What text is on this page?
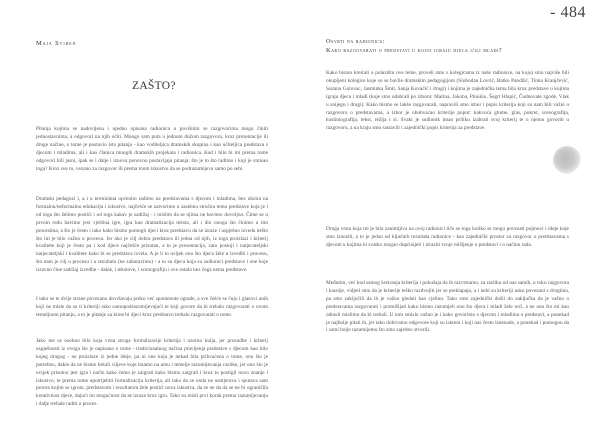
- 484
Maja Sviben
ZAŠTO?

Pitanja kojima se nadovljena i ujedno opisana radionica u povišnim se razgovorima mogu činiti jednostavnima, a odgovori na njih očiti. Mnogo sam puta u jednom dužom razgovoru, kroz prezentacije ili druge načine, o tome je postavio ista pitanja - kao voditeljica dramskih skupina i kao učiteljica predstava s djecom i mladima, ali i kao članica mnogih dramskih projekata i radionica. Kad i bilo bi mi prema tome odgovori bili jasni, ipak se i dalje i iznova ponovno postavljaju pitanja: što je to što radimo i koji je smisao toga? Kroz sve to, vezano za razgovor ili prema mom iskustvu da se podrazumijeva samo po sebi.

Dramski pedagozi i, a i u terminima općenito radimo na predstavama s djecom i mladima, bez obzira na formalnu/neformalnu edukaciju i iskustvo, najčešće se zatvorimo u zasebnu stručnu temu predstave koja je i od toga što želimo postići i od toga kakav je sadržaj - i mislim da se njima ne bavimo dovoljno. Čime se u prvom redu bavimo jest vještina igre, igra kao dramatizacija teksta, ali i dio onoga što činimo u tim procesima, a što je često i tako kako bismo pomogli djeci kroz predstavu da se izraze i uspješno izvedu nešto što im je bilo važno u procesu. Jer ako je cilj dobra predstava ili jedna od njih, iz toga proizlazi i kriterij kvalitete koji je često pa i kod djece najčešće prisutan, a to je prezentacija, zato postoji i natjecateljski natjecateljski i kvalitete kako bi se predstava izvela. A je li to uvijek ono što djeca žele u izvedbi i procesu, što nam je cilj u procesu i u rezultatu (ne zaboravimo) - a to su djeca koja su sudionici predstave i one koje izravno čine sadržaj izvedbe - dakle, i tekstove, i scenografiju i sve ostalo bez čega nema predstave.

I tako se te dvije strane povezano dovršavaju preko već spomenute ograde, a sve češće se čuju i glasovi onih koji ne misle da su ti kriteriji tako samopodrazumijevajući te koji govore da bi trebalo razgovarati o ovom temeljnom pitanju, a to je pitanje za kime bi djeci kroz predstavu trebalo razgovarati o tome.

Jako me se osobno bilo koja vrsta stroge formalizacije kriterija i uzorno kulja, jer prosudbe i kriterij uspješnosti iz ovoga što je napisano o tome - tradicionalnog načina pravljenja predstave s djecom kao bilo kojeg drugog - ne proizlaze iz jedne ideje, pa ni one koja je nekad bila prihvaćena o tome, ono što je potrebno, dakle da ne bismo brkali ciljeve koje imamo na umu i temelje razumijevanja razlike, jer ono što je uvijek prisutno jest igra i način kako ćemo je zaigrati kako bismo zaigrali i kroz to postigli novo znanje i iskustvo, te prema tome upotrijebiti formalizaciju kriterija, ali tako da se onda ne usmjerava i sputava sam proces kojim se igrom, predstavom i rezultatom žele postići nova iskustva, da se ne da da se ne bi ograničila kreativnost djece, dajući im mogućnost da se izraze kroz igru. Tako su misli prvi korak prema razumijevanju i dalje trebale raditi u proces.

Osvrti na radionicu:
Kako razgovarati o predstavi u kojoj igraju djeca i/ili mladi?

Kako bismo kreirali o polazištu ove teme, proveli smo s kolegicama iz naše radionice, na kojoj smo najviše bili okupljeni kolegice koje su se bavile dramskim pedagogijom (Slobodan Lovrić, Ratko Pandžić, Tinka Kranjčević, Suzana Gotovac, Jasminka Šmit, Sanja Kovačić i drugi) i kojima je zajednička tema bila kroz predstave u kojima igraju djeca i mladi (koje smo odabrali po izboru: Marina, Jakoba, Pinokio, Šegrt Hlapić, Čudnovate zgode, Vlak u snijegu i drugi). Kako bismo se lakše razgovarali, napravili smo izbor i popis kriterija koji su nam bili važni u razgovoru o predstavama, a izbor je obuhvaćao kriterije poput: kakvoća glume, glas, pokret, scenografija, kostimografija, tekst, režija i sl. Svaki je sudionik imao priliku izabrati svoj kriterij te o njemu govoriti u razgovoru, a na kraju smo sastavili i zajednički popis kriterija za predstave.

Druga vrsta koja mi je bila zanimljiva na ovoj radionici tiče se toga koliko se mogu povezati pojmovi i ideje koje smo iznosili, a to je jedan od ključnih rezultata radionice - kao zajednički prostor za razgovor o predstavama s djecom u kojima bi svatko mogao doprinijeti i izraziti svoje mišljenje o predstavi i o načinu rada.

Međutim, već kod samog kreiranja kriterija i pokušaja da ih razvrstamo, za razliku od nas samih, u toku razgovora i kasnije, vidjeli smo da je kriterije teško razdvojiti jer se preklapaju, a i neki su kriteriji usko povezani s drugima, pa smo zaključili da ih je važno gledati kao cjelinu. Tako smo zajednički došli do zaključka da je važno o predstavama razgovarati i promišljati kako bismo razumjeli ono što djeca i mladi žele reći, a ne ono što mi kao odrasli mislimo da bi trebali. U tom smislu važno je i kako govorimo s djecom i mladima o predstavi, a ponekad je najbolje pitati ih, jer tako dobivamo odgovore koji su iskreni i koji nas često iznenade, a ponekad i pomognu da i sami bolje razumijemo što smo zajedno stvorili.
